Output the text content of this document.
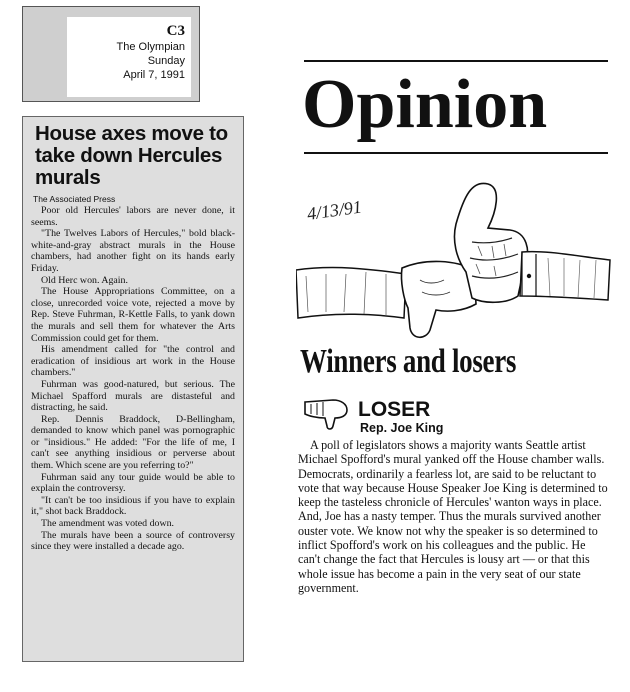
C3
The Olympian
Sunday
April 7, 1991
House axes move to take down Hercules murals
The Associated Press

Poor old Hercules' labors are never done, it seems.

"The Twelves Labors of Hercules," bold black-white-and-gray abstract murals in the House chambers, had another fight on its hands early Friday.

Old Herc won. Again.

The House Appropriations Committee, on a close, unrecorded voice vote, rejected a move by Rep. Steve Fuhrman, R-Kettle Falls, to yank down the murals and sell them for whatever the Arts Commission could get for them.

His amendment called for "the control and eradication of insidious art work in the House chambers."

Fuhrman was good-natured, but serious. The Michael Spafford murals are distasteful and distracting, he said.

Rep. Dennis Braddock, D-Bellingham, demanded to know which panel was pornographic or "insidious." He added: "For the life of me, I can't see anything insidious or perverse about them. Which scene are you referring to?"

Fuhrman said any tour guide would be able to explain the controversy.

"It can't be too insidious if you have to explain it," shot back Braddock.

The amendment was voted down.

The murals have been a source of controversy since they were installed a decade ago.

Opinion
4/13/91
Winners and losers
LOSER
Rep. Joe King

A poll of legislators shows a majority wants Seattle artist Michael Spofford's mural yanked off the House chamber walls. Democrats, ordinarily a fearless lot, are said to be reluctant to vote that way because House Speaker Joe King is determined to keep the tasteless chronicle of Hercules' wanton ways in place. And, Joe has a nasty temper. Thus the murals survived another ouster vote. We know not why the speaker is so determined to inflict Spofford's work on his colleagues and the public. He can't change the fact that Hercules is lousy art — or that this whole issue has become a pain in the very seat of our state government.
